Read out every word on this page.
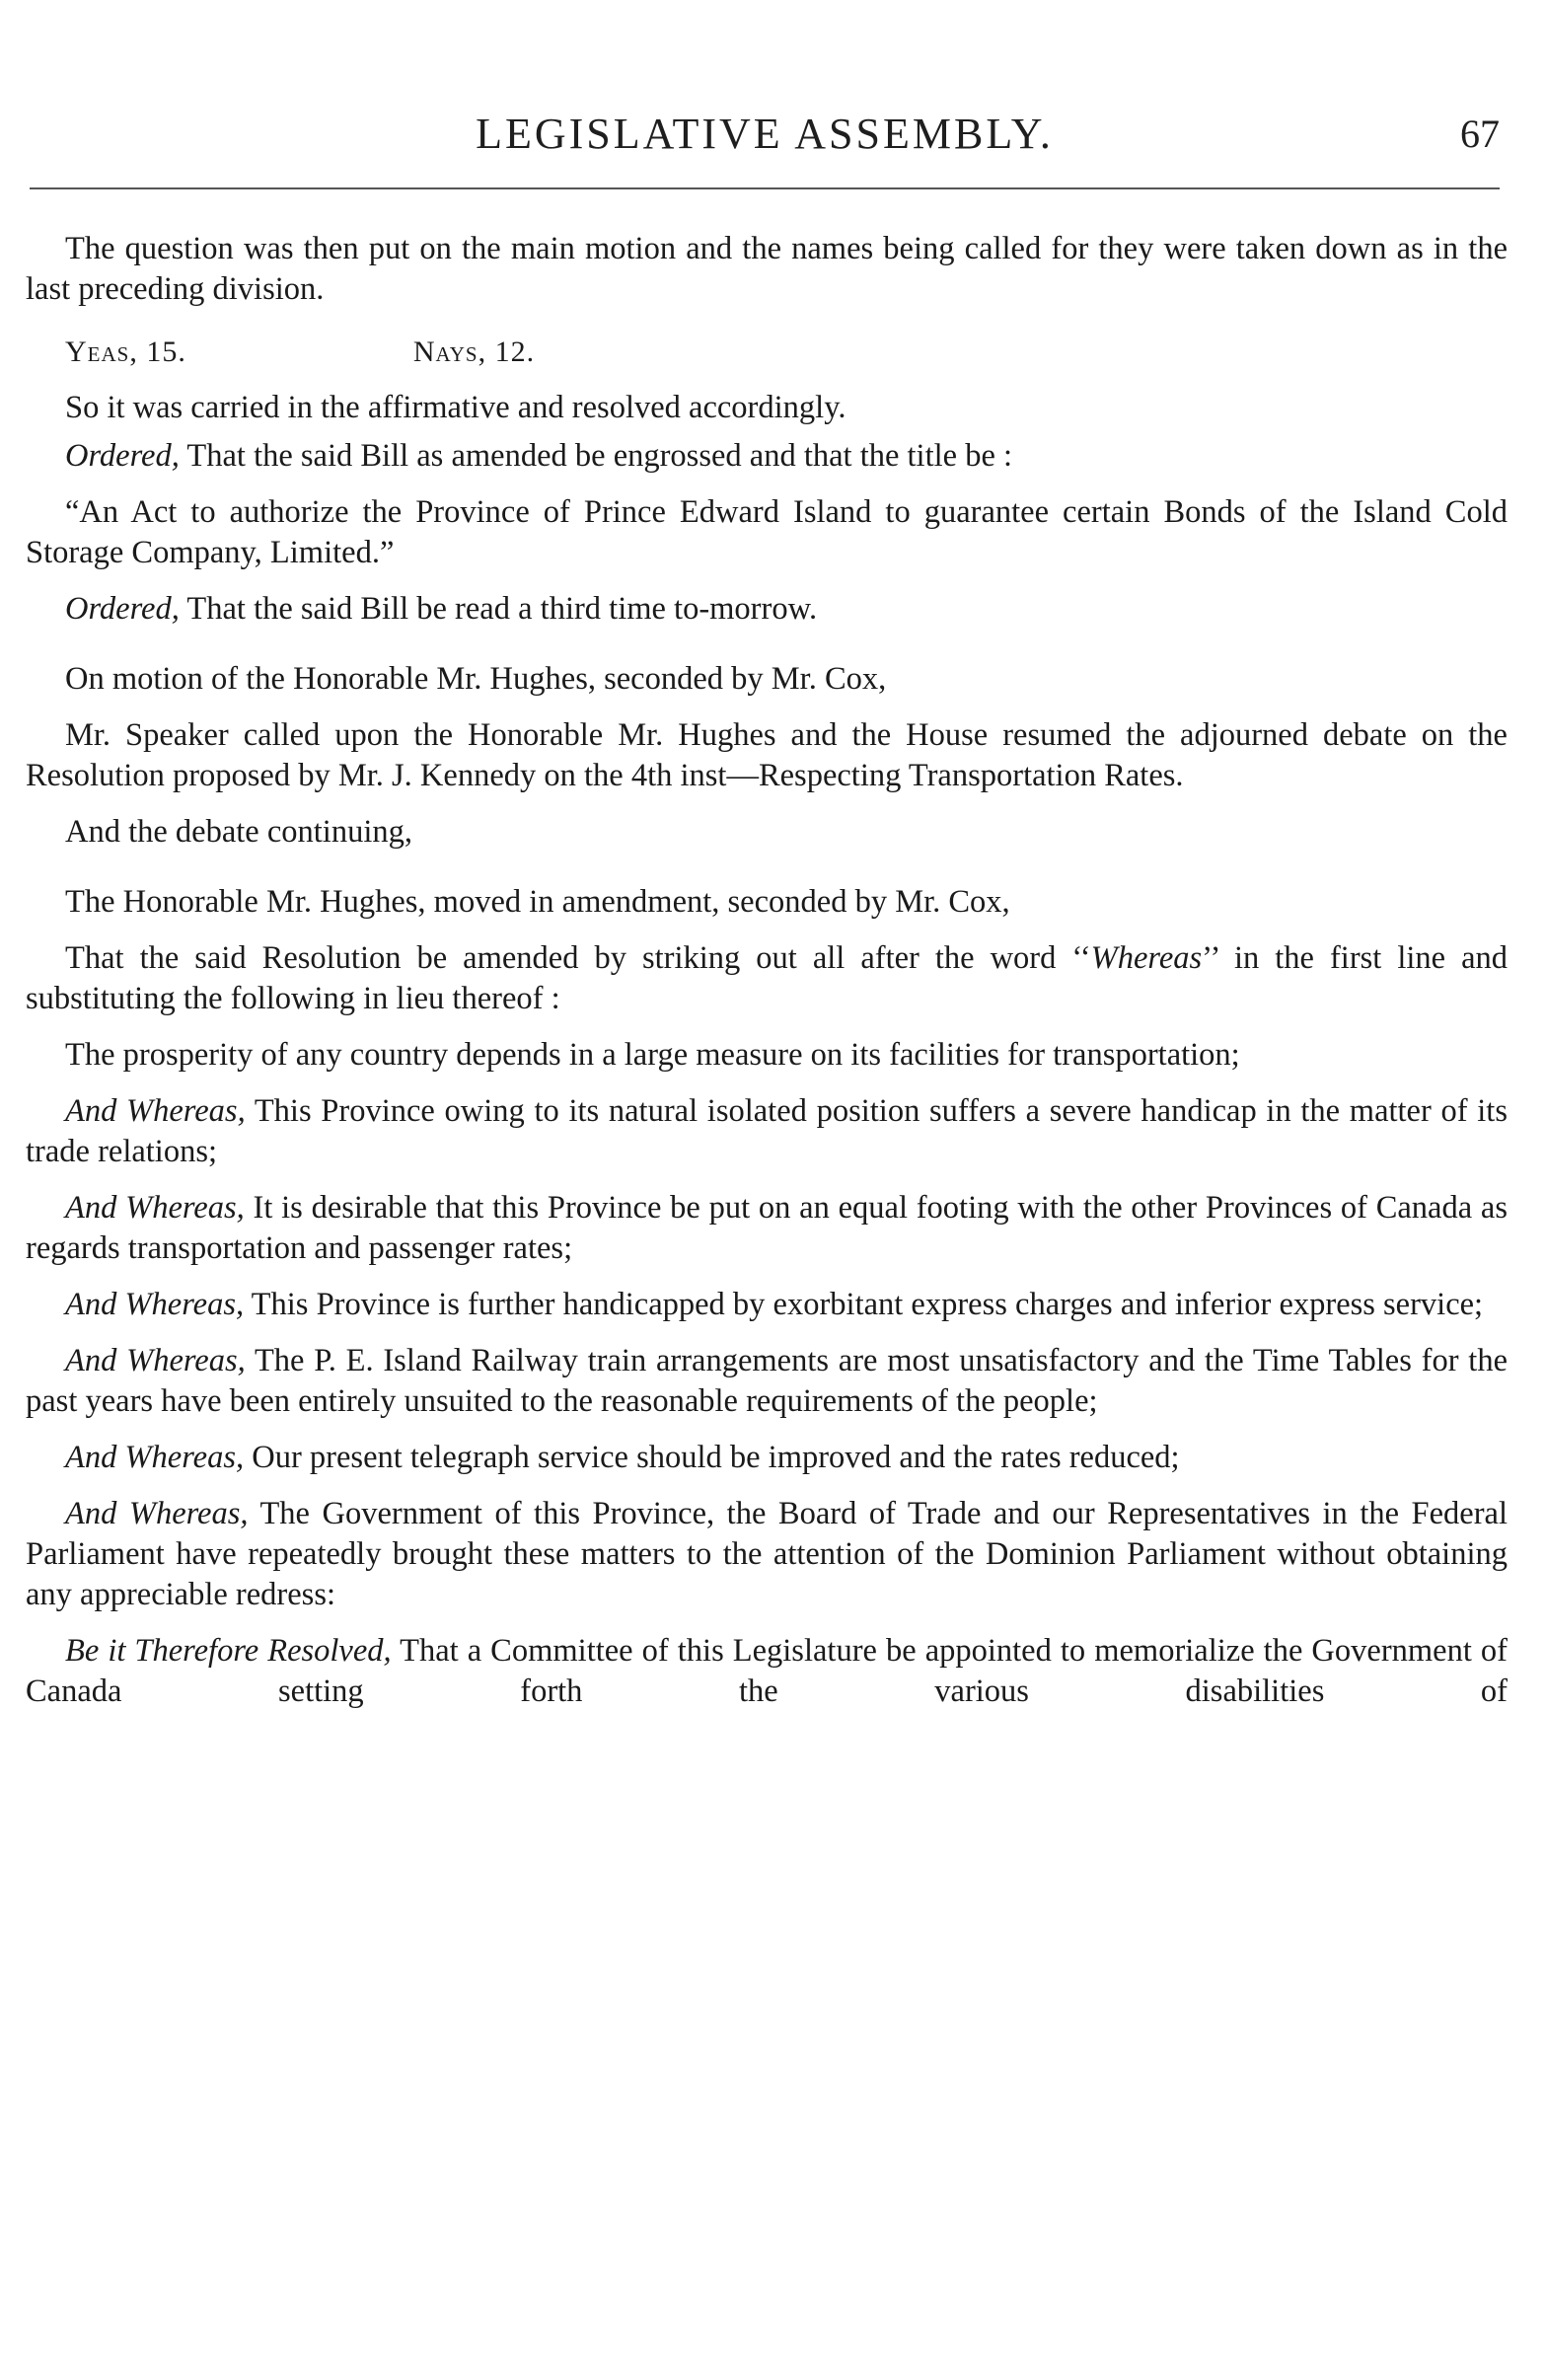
LEGISLATIVE ASSEMBLY.	67

The question was then put on the main motion and the names being called for they were taken down as in the last preceding division.

Yeas, 15.	Nays, 12.

So it was carried in the affirmative and resolved accordingly.

Ordered, That the said Bill as amended be engrossed and that the title be :

“An Act to authorize the Province of Prince Edward Island to guarantee certain Bonds of the Island Cold Storage Company, Limited.”

Ordered, That the said Bill be read a third time to-morrow.

On motion of the Honorable Mr. Hughes, seconded by Mr. Cox,

Mr. Speaker called upon the Honorable Mr. Hughes and the House resumed the adjourned debate on the Resolution proposed by Mr. J. Kennedy on the 4th inst—Respecting Transportation Rates.

And the debate continuing,

The Honorable Mr. Hughes, moved in amendment, seconded by Mr. Cox,

That the said Resolution be amended by striking out all after the word ‘‘Whereas’’ in the first line and substituting the following in lieu thereof :

The prosperity of any country depends in a large measure on its facilities for transportation;

And Whereas, This Province owing to its natural isolated position suffers a severe handicap in the matter of its trade relations;

And Whereas, It is desirable that this Province be put on an equal footing with the other Provinces of Canada as regards transportation and passenger rates;

And Whereas, This Province is further handicapped by exorbitant express charges and inferior express service;

And Whereas, The P. E. Island Railway train arrangements are most unsatisfactory and the Time Tables for the past years have been entirely unsuited to the reasonable requirements of the people;

And Whereas, Our present telegraph service should be improved and the rates reduced;

And Whereas, The Government of this Province, the Board of Trade and our Representatives in the Federal Parliament have repeatedly brought these matters to the attention of the Dominion Parliament without obtaining any appreciable redress:

Be it Therefore Resolved, That a Committee of this Legislature be appointed to memorialize the Government of Canada setting forth the various disabilities of
